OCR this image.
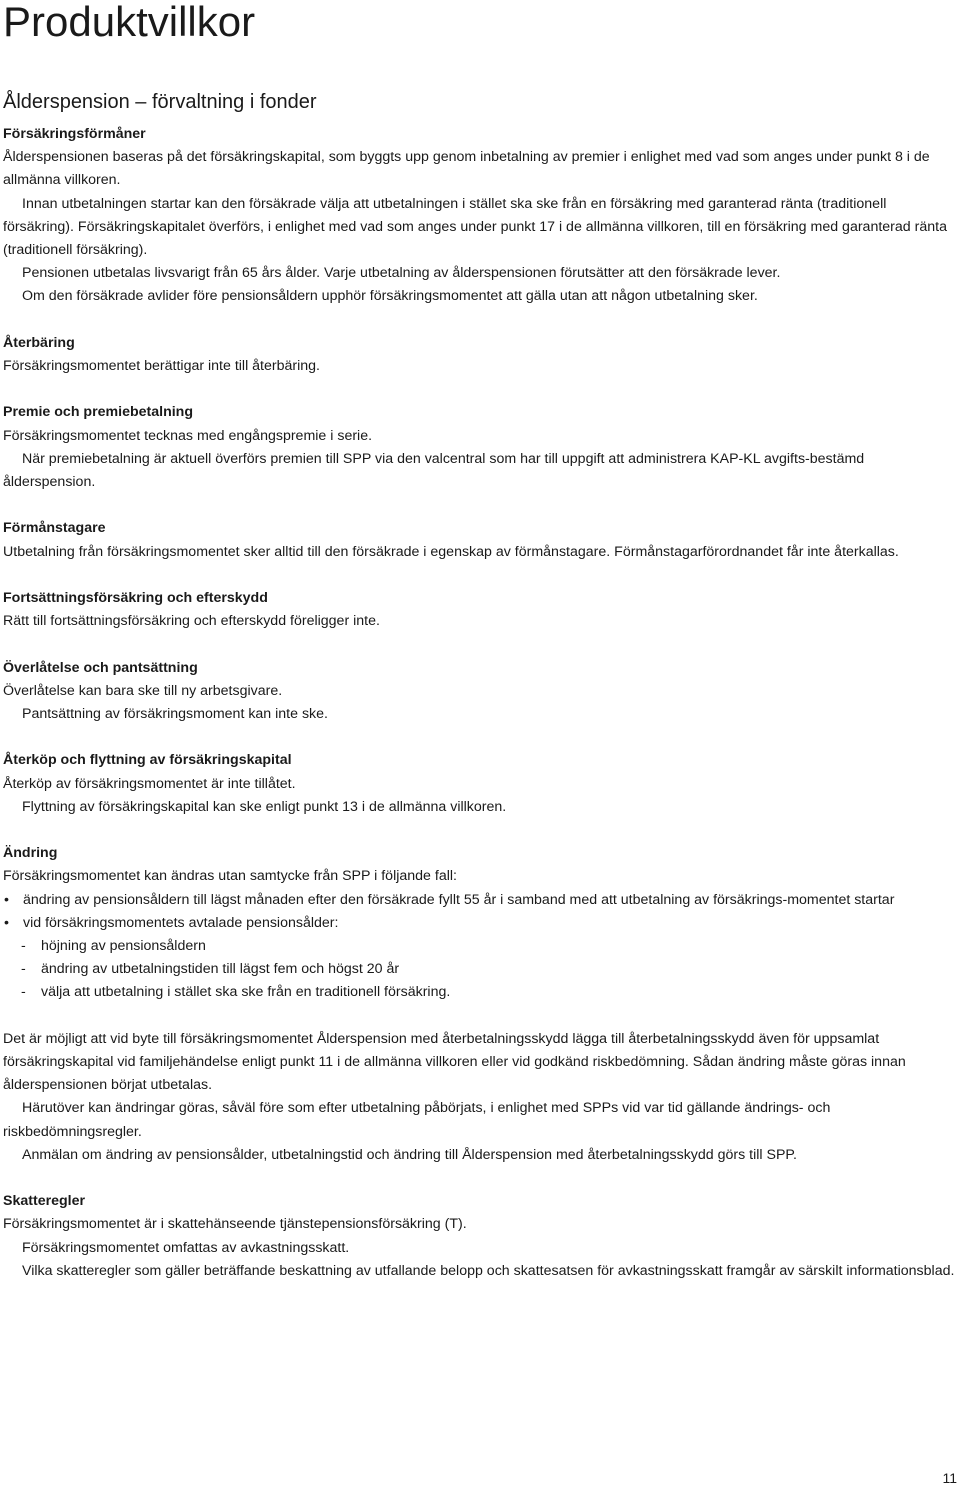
Produktvillkor
Ålderspension – förvaltning i fonder
Försäkringsförmåner

Ålderspensionen baseras på det försäkringskapital, som byggts upp genom inbetalning av premier i enlighet med vad som anges under punkt 8 i de allmänna villkoren.

Innan utbetalningen startar kan den försäkrade välja att utbetalningen i stället ska ske från en försäkring med garanterad ränta (traditionell försäkring). Försäkringskapitalet överförs, i enlighet med vad som anges under punkt 17 i de allmänna villkoren, till en försäkring med garanterad ränta (traditionell försäkring).

Pensionen utbetalas livsvarigt från 65 års ålder. Varje utbetalning av ålderspensionen förutsätter att den försäkrade lever.

Om den försäkrade avlider före pensionsåldern upphör försäkringsmomentet att gälla utan att någon utbetalning sker.

Återbäring

Försäkringsmomentet berättigar inte till återbäring.

Premie och premiebetalning

Försäkringsmomentet tecknas med engångspremie i serie.

När premiebetalning är aktuell överförs premien till SPP via den valcentral som har till uppgift att administrera KAP-KL avgifts-bestämd ålderspension.

Förmånstagare

Utbetalning från försäkringsmomentet sker alltid till den försäkrade i egenskap av förmånstagare. Förmånstagarförordnandet får inte återkallas.

Fortsättningsförsäkring och efterskydd

Rätt till fortsättningsförsäkring och efterskydd föreligger inte.

Överlåtelse och pantsättning

Överlåtelse kan bara ske till ny arbetsgivare.

Pantsättning av försäkringsmoment kan inte ske.

Återköp och flyttning av försäkringskapital

Återköp av försäkringsmomentet är inte tillåtet.

Flyttning av försäkringskapital kan ske enligt punkt 13 i de allmänna villkoren.

Ändring

Försäkringsmomentet kan ändras utan samtycke från SPP i följande fall:

• ändring av pensionsåldern till lägst månaden efter den försäkrade fyllt 55 år i samband med att utbetalning av försäkrings-momentet startar
• vid försäkringsmomentets avtalade pensionsålder:
- höjning av pensionsåldern
- ändring av utbetalningstiden till lägst fem och högst 20 år
- välja att utbetalning i stället ska ske från en traditionell försäkring.

Det är möjligt att vid byte till försäkringsmomentet Ålderspension med återbetalningsskydd lägga till återbetalningsskydd även för uppsamlat försäkringskapital vid familjehändelse enligt punkt 11 i de allmänna villkoren eller vid godkänd riskbedömning. Sådan ändring måste göras innan ålderspensionen börjat utbetalas.

Härutöver kan ändringar göras, såväl före som efter utbetalning påbörjats, i enlighet med SPPs vid var tid gällande ändrings- och riskbedömningsregler.

Anmälan om ändring av pensionsålder, utbetalningstid och ändring till Ålderspension med återbetalningsskydd görs till SPP.

Skatteregler

Försäkringsmomentet är i skattehänseende tjänstepensionsförsäkring (T).

Försäkringsmomentet omfattas av avkastningsskatt.

Vilka skatteregler som gäller beträffande beskattning av utfallande belopp och skattesatsen för avkastningsskatt framgår av särskilt informationsblad.

11
